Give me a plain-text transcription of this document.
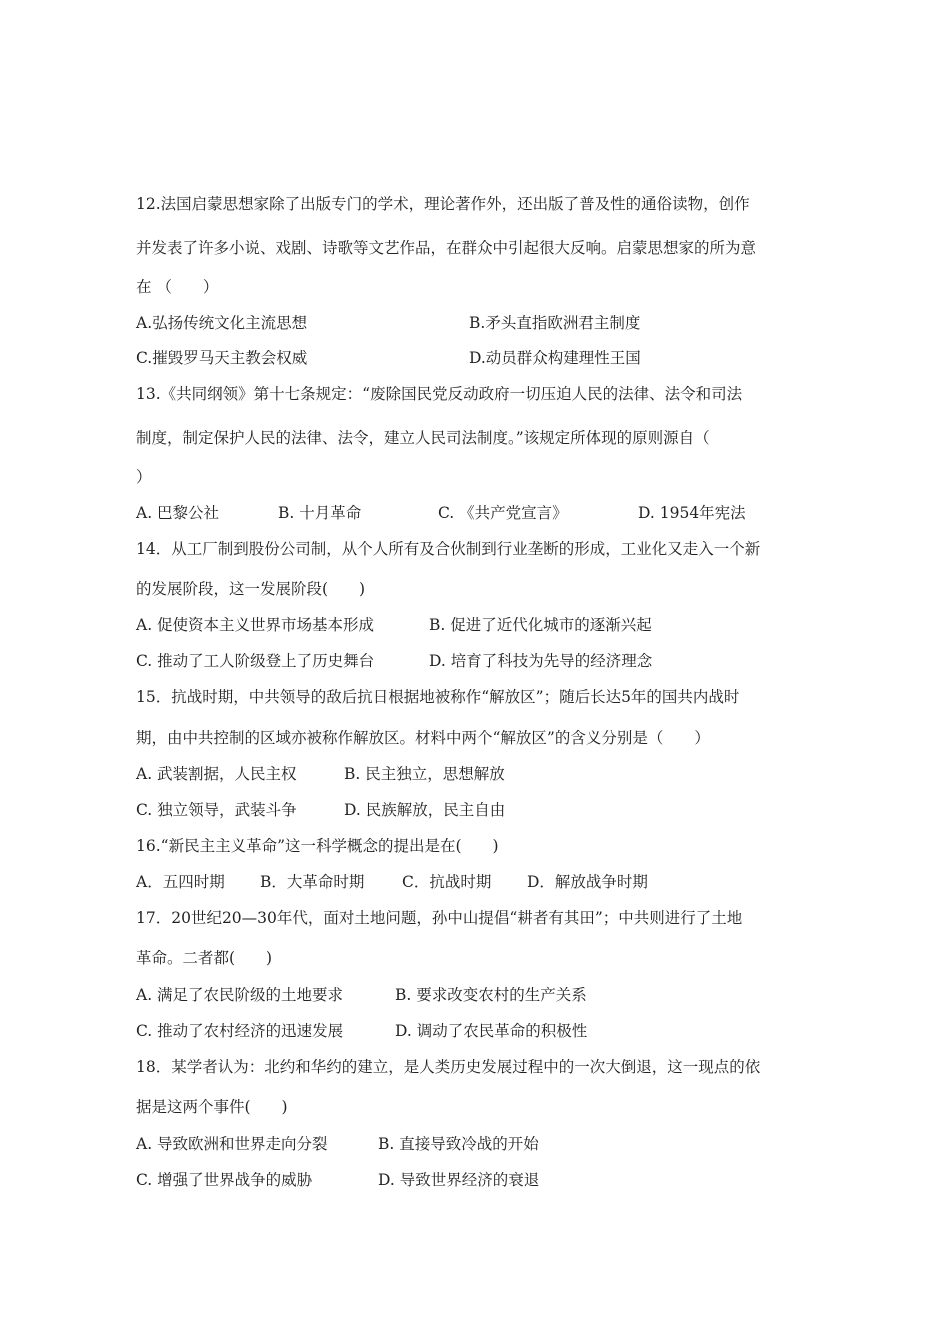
12.法国启蒙思想家除了出版专门的学术，理论著作外，还出版了普及性的通俗读物，创作

并发表了许多小说、戏剧、诗歌等文艺作品，在群众中引起很大反响。启蒙思想家的所为意

在 （　　）

A.弘扬传统文化主流思想	B.矛头直指欧洲君主制度
C.摧毁罗马天主教会权威	D.动员群众构建理性王国

13.《共同纲领》第十七条规定：“废除国民党反动政府一切压迫人民的法律、法令和司法

制度，制定保护人民的法律、法令，建立人民司法制度。”该规定所体现的原则源自（

）

A. 巴黎公社	B. 十月革命	C. 《共产党宣言》	D. 1954年宪法

14．从工厂制到股份公司制，从个人所有及合伙制到行业垄断的形成，工业化又走入一个新

的发展阶段，这一发展阶段(　　)

A. 促使资本主义世界市场基本形成	B. 促进了近代化城市的逐渐兴起
C. 推动了工人阶级登上了历史舞台	D. 培育了科技为先导的经济理念

15．抗战时期，中共领导的敌后抗日根据地被称作“解放区”；随后长达5年的国共内战时

期，由中共控制的区域亦被称作解放区。材料中两个“解放区”的含义分别是（　　）

A. 武装割据，人民主权	B. 民主独立，思想解放
C. 独立领导，武装斗争	D. 民族解放，民主自由

16.“新民主主义革命”这一科学概念的提出是在(　　)

A．五四时期 B．大革命时期 C．抗战时期 D．解放战争时期

17．20世纪20—30年代，面对土地问题，孙中山提倡“耕者有其田”；中共则进行了土地

革命。二者都(　　)

A. 满足了农民阶级的土地要求	B. 要求改变农村的生产关系
C. 推动了农村经济的迅速发展	D. 调动了农民革命的积极性

18．某学者认为：北约和华约的建立，是人类历史发展过程中的一次大倒退，这一现点的依

据是这两个事件(　　)

A. 导致欧洲和世界走向分裂	B. 直接导致冷战的开始
C. 增强了世界战争的威胁	D. 导致世界经济的衰退
